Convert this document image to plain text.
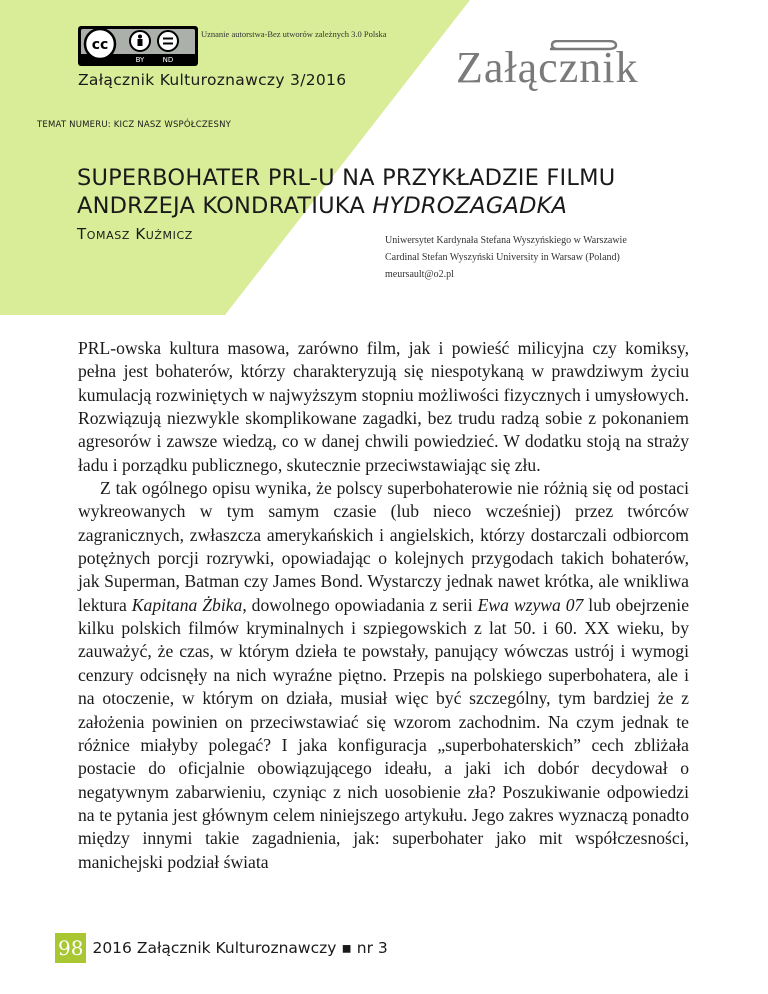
cc
BY	ND
Uznanie autorstwa-Bez utworów zależnych 3.0 Polska
Załącznik
Załącznik Kulturoznawczy 3/2016
TEMAT NUMERU: KICZ NASZ WSPÓŁCZESNY
SUPERBOHATER PRL-U NA PRZYKŁADZIE FILMU
ANDRZEJA KONDRATIUKA HYDROZAGADKA
Tomasz Kuźmicz	Uniwersytet Kardynała Stefana Wyszyńskiego w Warszawie
Cardinal Stefan Wyszyński University in Warsaw (Poland)
meursault@o2.pl

PRL-owska kultura masowa, zarówno film, jak i powieść milicyjna czy komiksy, pełna jest bohaterów, którzy charakteryzują się niespotykaną w prawdziwym życiu kumulacją rozwiniętych w najwyższym stopniu możliwości fizycznych i umysłowych. Rozwiązują niezwykle skomplikowane zagadki, bez trudu radzą sobie z pokonaniem agresorów i zawsze wiedzą, co w danej chwili powiedzieć. W dodatku stoją na straży ładu i porządku publicznego, skutecznie przeciwstawiając się złu.

Z tak ogólnego opisu wynika, że polscy superbohaterowie nie różnią się od postaci wykreowanych w tym samym czasie (lub nieco wcześniej) przez twórców zagranicznych, zwłaszcza amerykańskich i angielskich, którzy dostarczali odbiorcom potężnych porcji rozrywki, opowiadając o kolejnych przygodach takich bohaterów, jak Superman, Batman czy James Bond. Wystarczy jednak nawet krótka, ale wnikliwa lektura Kapitana Żbika, dowolnego opowiadania z serii Ewa wzywa 07 lub obejrzenie kilku polskich filmów kryminalnych i szpiegowskich z lat 50. i 60. XX wieku, by zauważyć, że czas, w którym dzieła te powstały, panujący wówczas ustrój i wymogi cenzury odcisnęły na nich wyraźne piętno. Przepis na polskiego superbohatera, ale i na otoczenie, w którym on działa, musiał więc być szczególny, tym bardziej że z założenia powinien on przeciwstawiać się wzorom zachodnim. Na czym jednak te różnice miałyby polegać? I jaka konfiguracja „superbohaterskich” cech zbliżała postacie do oficjalnie obowiązującego ideału, a jaki ich dobór decydował o negatywnym zabarwieniu, czyniąc z nich uosobienie zła? Poszukiwanie odpowiedzi na te pytania jest głównym celem niniejszego artykułu. Jego zakres wyznaczą ponadto między innymi takie zagadnienia, jak: superbohater jako mit współczesności, manichejski podział świata

98 2016 Załącznik Kulturoznawczy ▪ nr 3
